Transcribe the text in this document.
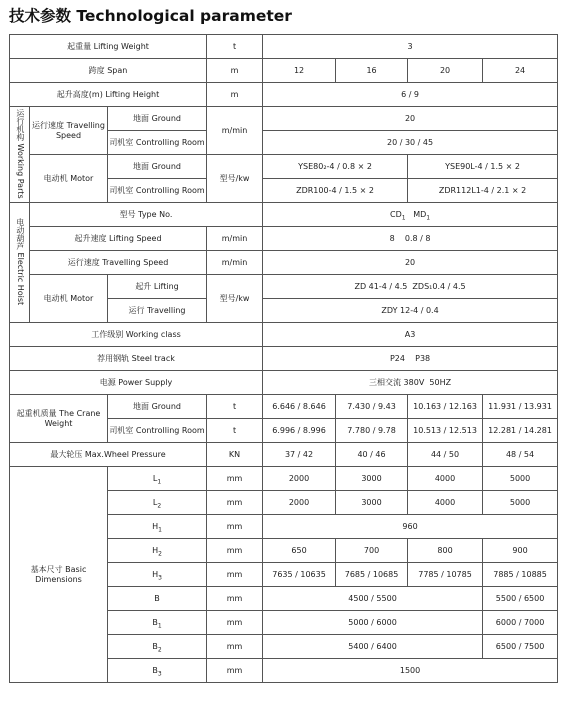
技术参数 Technological parameter
起重量 Lifting Weight			t	3			
跨度 Span			m	12	16	20	24
起升高度(m) Lifting Height			m	6 / 9			
运行机构 Working Parts	运行速度 Travelling Speed	地面 Ground	m/min	20			
		司机室 Controlling Room		20 / 30 / 45			
	电动机 Motor	地面 Ground	型号/kw	YSE80₂-4 / 0.8 × 2		YSE90L-4 / 1.5 × 2	
		司机室 Controlling Room		ZDR100-4 / 1.5 × 2		ZDR112L1-4 / 2.1 × 2	
电动葫芦 Electric Hoist	型号 Type No.			$CD_1$ $MD_1$
	起升速度 Lifting Speed		m/min	8    0.8 / 8			
	运行速度 Travelling Speed		m/min	20			
	电动机 Motor	起升 Lifting	型号/kw	ZD 41-4 / 4.5  ZDS₁0.4 / 4.5			
		运行 Travelling		ZDY 12-4 / 0.4			
工作级别 Working class				A3			
荐用钢轨 Steel track				P24    P38			
电源 Power Supply				三相交流 380V  50HZ			
起重机质量 The Crane Weight		地面 Ground	t	6.646 / 8.646	7.430 / 9.43	10.163 / 12.163	11.931 / 13.931
		司机室 Controlling Room	t	6.996 / 8.996	7.780 / 9.78	10.513 / 12.513	12.281 / 14.281
最大轮压 Max.Wheel Pressure			KN	37 / 42	40 / 46	44 / 50	48 / 54
基本尺寸 Basic Dimensions		$L_1$	mm	2000	3000	4000	5000
		$L_2$	mm	2000	3000	4000	5000
		$H_1$	mm	960			
		$H_2$	mm	650	700	800	900
		$H_3$	mm	7635 / 10635	7685 / 10685	7785 / 10785	7885 / 10885
		B	mm	4500 / 5500			5500 / 6500
		$B_1$	mm	5000 / 6000			6000 / 7000
		$B_2$	mm	5400 / 6400			6500 / 7500
		$B_3$	mm	1500			
